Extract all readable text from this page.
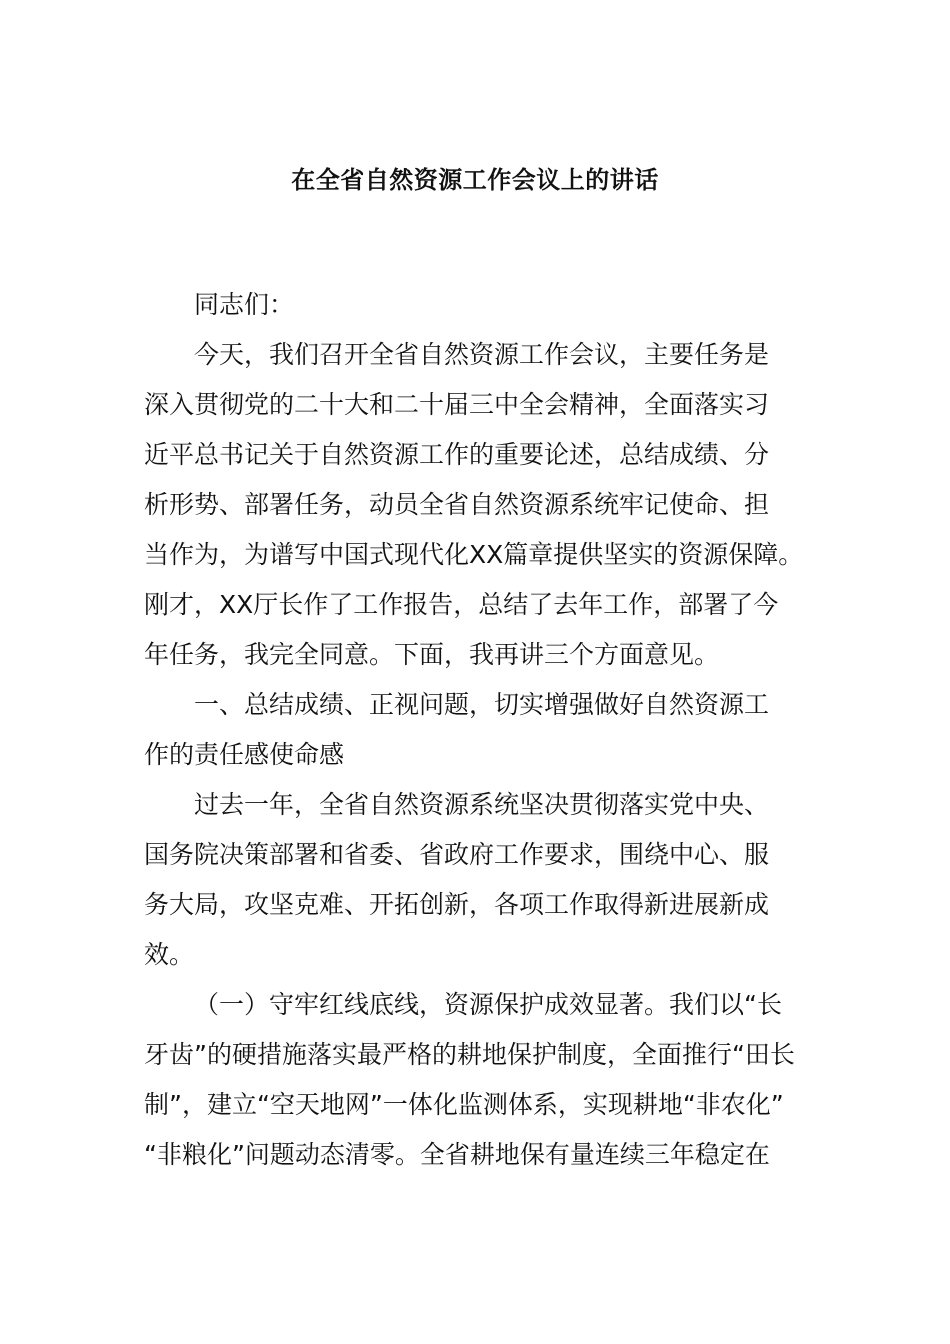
在全省自然资源工作会议上的讲话
同志们：
今天，我们召开全省自然资源工作会议，主要任务是
深入贯彻党的二十大和二十届三中全会精神，全面落实习
近平总书记关于自然资源工作的重要论述，总结成绩、分
析形势、部署任务，动员全省自然资源系统牢记使命、担
当作为，为谱写中国式现代化XX篇章提供坚实的资源保障。
刚才，XX厅长作了工作报告，总结了去年工作，部署了今
年任务，我完全同意。下面，我再讲三个方面意见。
一、总结成绩、正视问题，切实增强做好自然资源工
作的责任感使命感
过去一年，全省自然资源系统坚决贯彻落实党中央、
国务院决策部署和省委、省政府工作要求，围绕中心、服
务大局，攻坚克难、开拓创新，各项工作取得新进展新成
效。
（一）守牢红线底线，资源保护成效显著。我们以“长
牙齿”的硬措施落实最严格的耕地保护制度，全面推行“田长
制”，建立“空天地网”一体化监测体系，实现耕地“非农化”
“非粮化”问题动态清零。全省耕地保有量连续三年稳定在
